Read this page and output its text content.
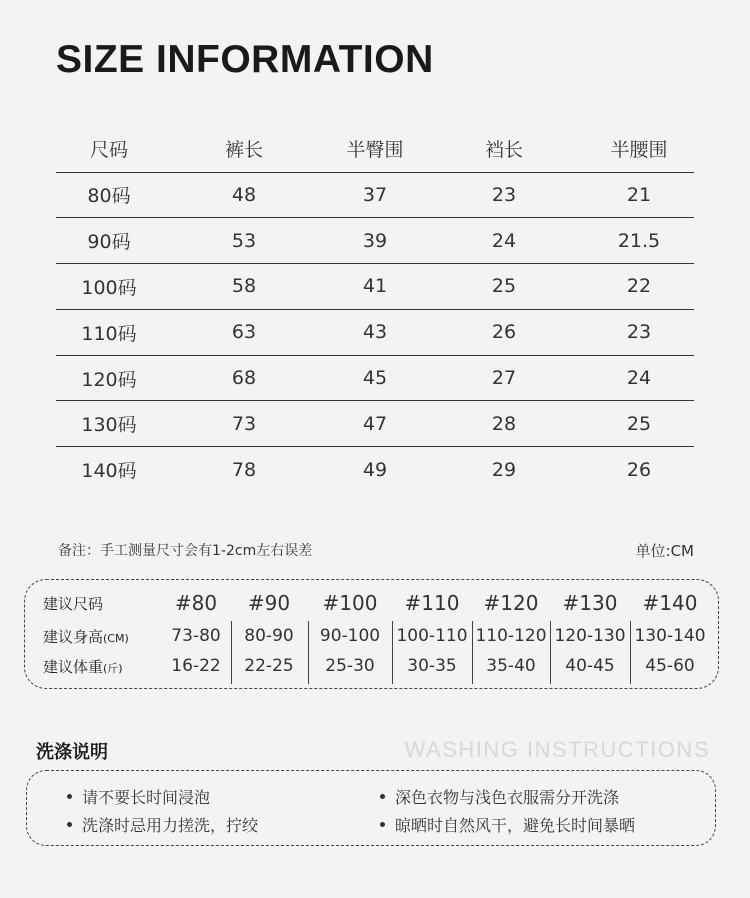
SIZE INFORMATION
尺码	裤长	半臀围	裆长	半腰围
80码	48	37	23	21
90码	53	39	24	21.5
100码	58	41	25	22
110码	63	43	26	23
120码	68	45	27	24
130码	73	47	28	25
140码	78	49	29	26
备注：手工测量尺寸会有1-2cm左右误差	单位:CM
建议尺码	#80	#90	#100	#110	#120	#130	#140
建议身高(CM)	73-80	80-90	90-100 100-110 110-120 120-130 130-140
建议体重(斤)	16-22	22-25	25-30	30-35	35-40	40-45	45-60
洗涤说明	WASHING INSTRUCTIONS
请不要长时间浸泡	深色衣物与浅色衣服需分开洗涤
洗涤时忌用力搓洗，拧绞	晾晒时自然风干，避免长时间暴晒
